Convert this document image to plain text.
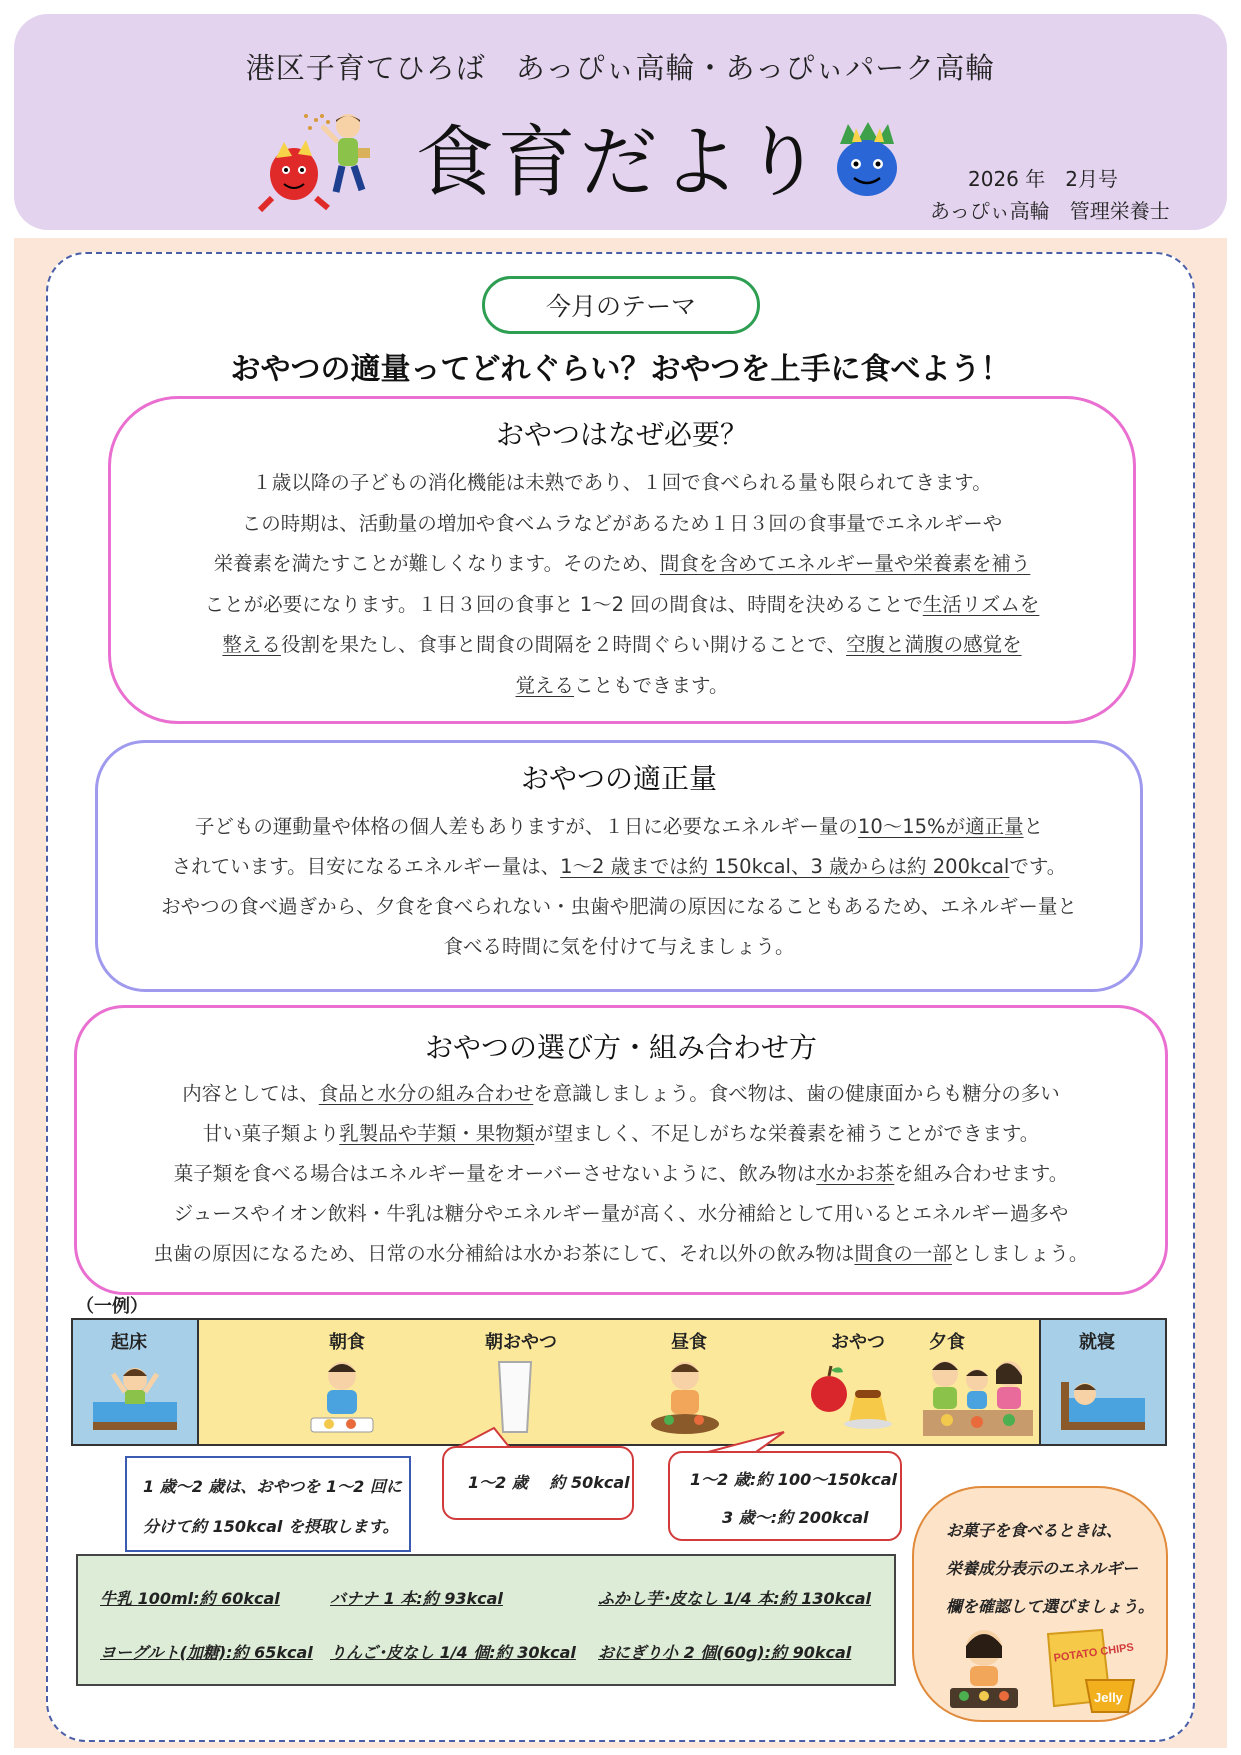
港区子育てひろば　あっぴぃ高輪・あっぴぃパーク高輪
食育だより	2026 年　2月号
あっぴぃ高輪　管理栄養士
今月のテーマ
おやつの適量ってどれぐらい？おやつを上手に食べよう！
おやつはなぜ必要？

１歳以降の子どもの消化機能は未熟であり、１回で食べられる量も限られてきます。
この時期は、活動量の増加や食べムラなどがあるため１日３回の食事量でエネルギーや
栄養素を満たすことが難しくなります。そのため、間食を含めてエネルギー量や栄養素を補う
ことが必要になります。１日３回の食事と 1～2 回の間食は、時間を決めることで生活リズムを
整える役割を果たし、食事と間食の間隔を２時間ぐらい開けることで、空腹と満腹の感覚を
覚えることもできます。

おやつの適正量

子どもの運動量や体格の個人差もありますが、１日に必要なエネルギー量の10～15%が適正量と
されています。目安になるエネルギー量は、1～2 歳までは約 150kcal、3 歳からは約 200kcalです。
おやつの食べ過ぎから、夕食を食べられない・虫歯や肥満の原因になることもあるため、エネルギー量と
食べる時間に気を付けて与えましょう。

おやつの選び方・組み合わせ方

内容としては、食品と水分の組み合わせを意識しましょう。食べ物は、歯の健康面からも糖分の多い
甘い菓子類より乳製品や芋類・果物類が望ましく、不足しがちな栄養素を補うことができます。
菓子類を食べる場合はエネルギー量をオーバーさせないように、飲み物は水かお茶を組み合わせます。
ジュースやイオン飲料・牛乳は糖分やエネルギー量が高く、水分補給として用いるとエネルギー過多や
虫歯の原因になるため、日常の水分補給は水かお茶にして、それ以外の飲み物は間食の一部としましょう。

（一例）
起床	朝食	朝おやつ	昼食	おやつ 夕食	就寝
1 歳～2 歳は、おやつを 1～2 回に
分けて約 150kcal を摂取します。
1～2 歳　 約 50kcal	1～2 歳:約 100～150kcal
3 歳～:約 200kcal
牛乳 100ml:約 60kcal	バナナ 1 本:約 93kcal	ふかし芋･皮なし 1/4 本:約 130kcal
ヨーグルト(加糖):約 65kcal りんご･皮なし 1/4 個:約 30kcal おにぎり小 2 個(60g):約 90kcal
お菓子を食べるときは、
栄養成分表示のエネルギー
欄を確認して選びましょう。
POTATO CHIPS
Jelly
